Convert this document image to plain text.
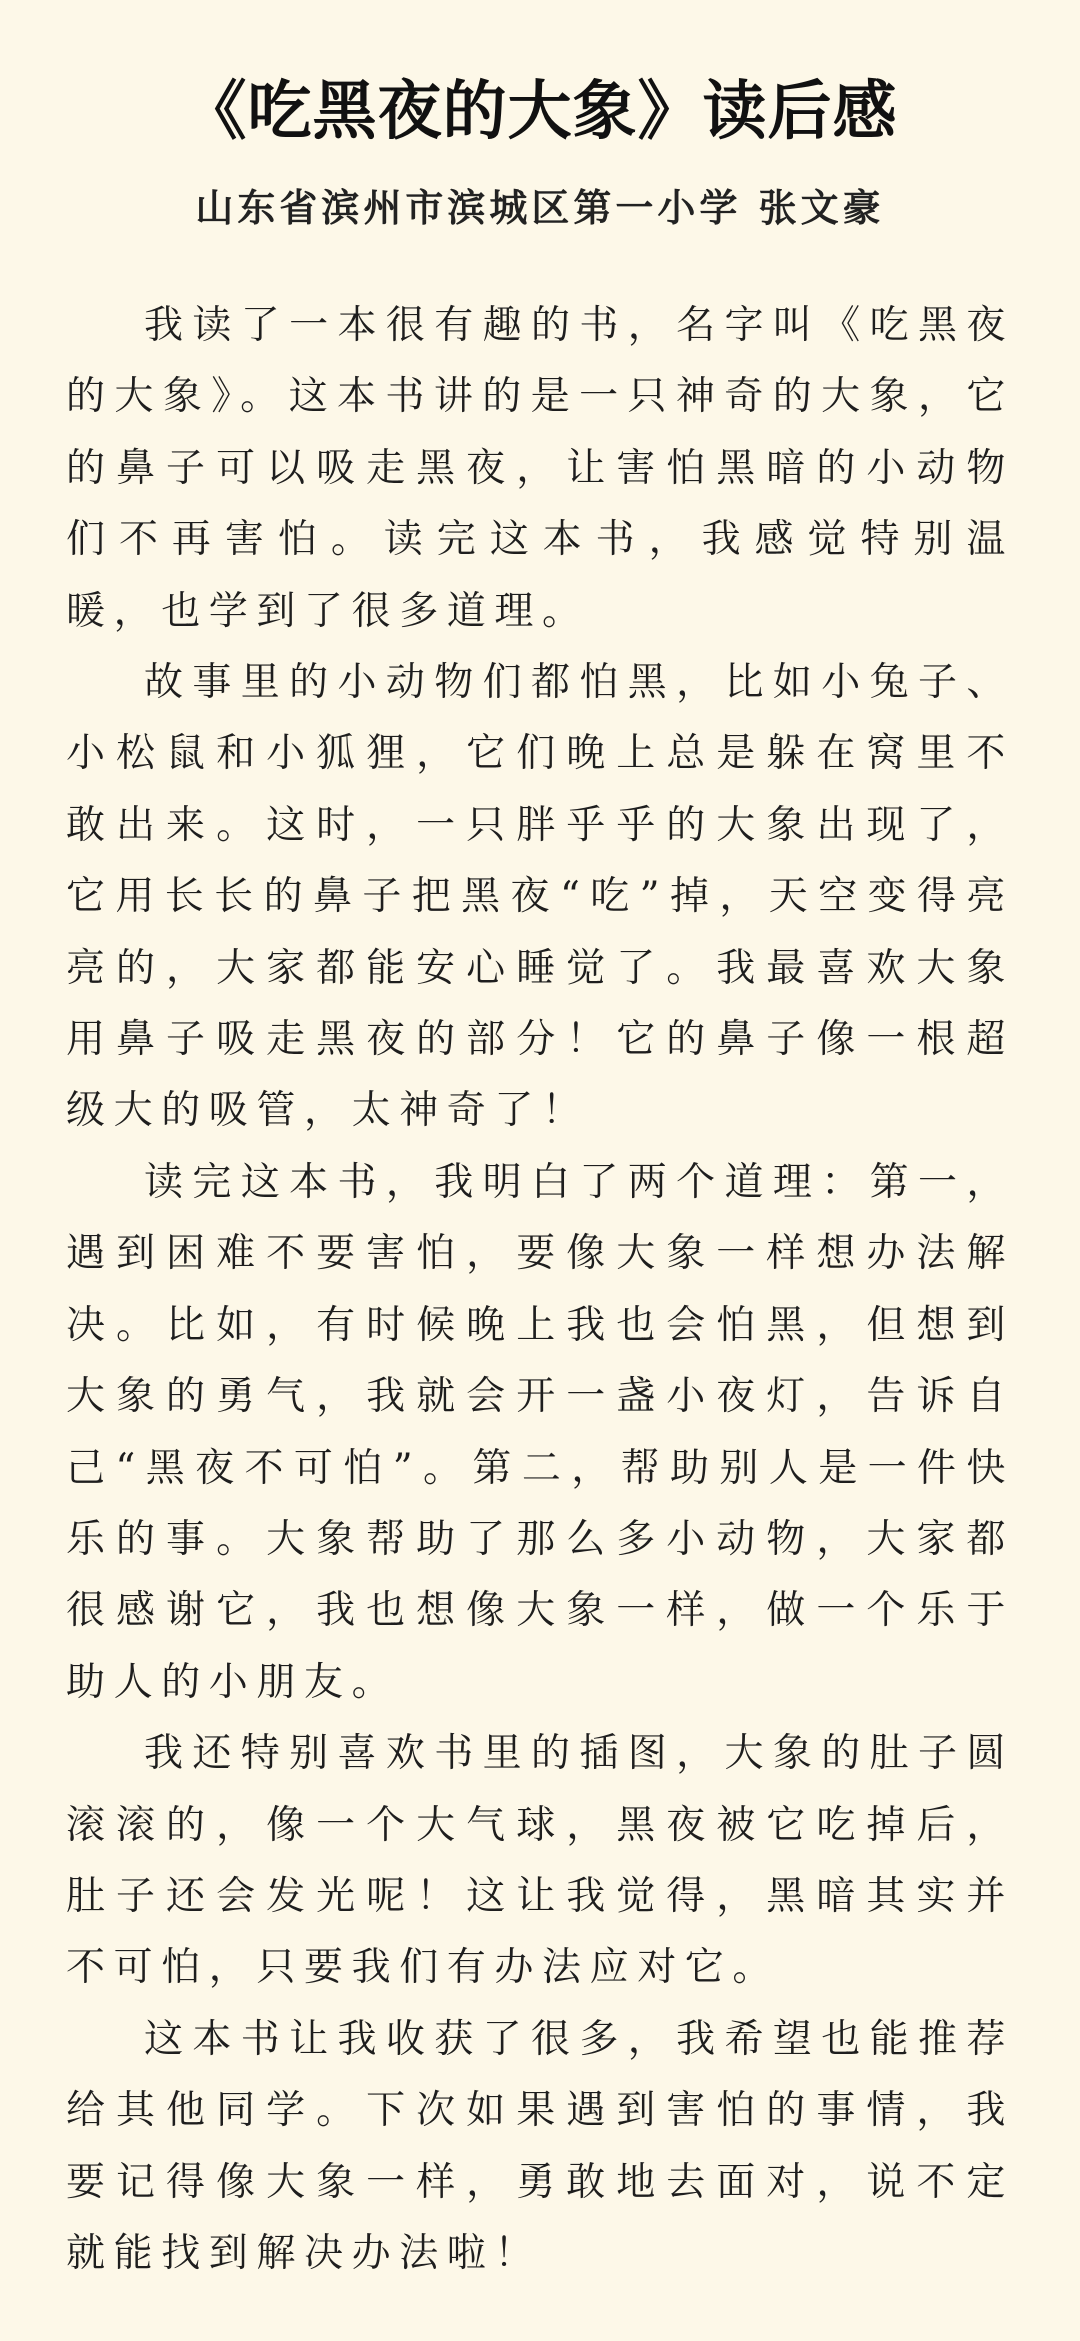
《吃黑夜的大象》读后感
山东省滨州市滨城区第一小学 张文豪

我读了一本很有趣的书，名字叫《吃黑夜的大象》。这本书讲的是一只神奇的大象，它的鼻子可以吸走黑夜，让害怕黑暗的小动物们不再害怕。读完这本书，我感觉特别温暖，也学到了很多道理。

故事里的小动物们都怕黑，比如小兔子、小松鼠和小狐狸，它们晚上总是躲在窝里不敢出来。这时，一只胖乎乎的大象出现了，它用长长的鼻子把黑夜“吃”掉，天空变得亮亮的，大家都能安心睡觉了。我最喜欢大象用鼻子吸走黑夜的部分！它的鼻子像一根超级大的吸管，太神奇了！

读完这本书，我明白了两个道理：第一，遇到困难不要害怕，要像大象一样想办法解决。比如，有时候晚上我也会怕黑，但想到大象的勇气，我就会开一盏小夜灯，告诉自己“黑夜不可怕”。第二，帮助别人是一件快乐的事。大象帮助了那么多小动物，大家都很感谢它，我也想像大象一样，做一个乐于助人的小朋友。

我还特别喜欢书里的插图，大象的肚子圆滚滚的，像一个大气球，黑夜被它吃掉后，肚子还会发光呢！这让我觉得，黑暗其实并不可怕，只要我们有办法应对它。

这本书让我收获了很多，我希望也能推荐给其他同学。下次如果遇到害怕的事情，我要记得像大象一样，勇敢地去面对，说不定就能找到解决办法啦！
